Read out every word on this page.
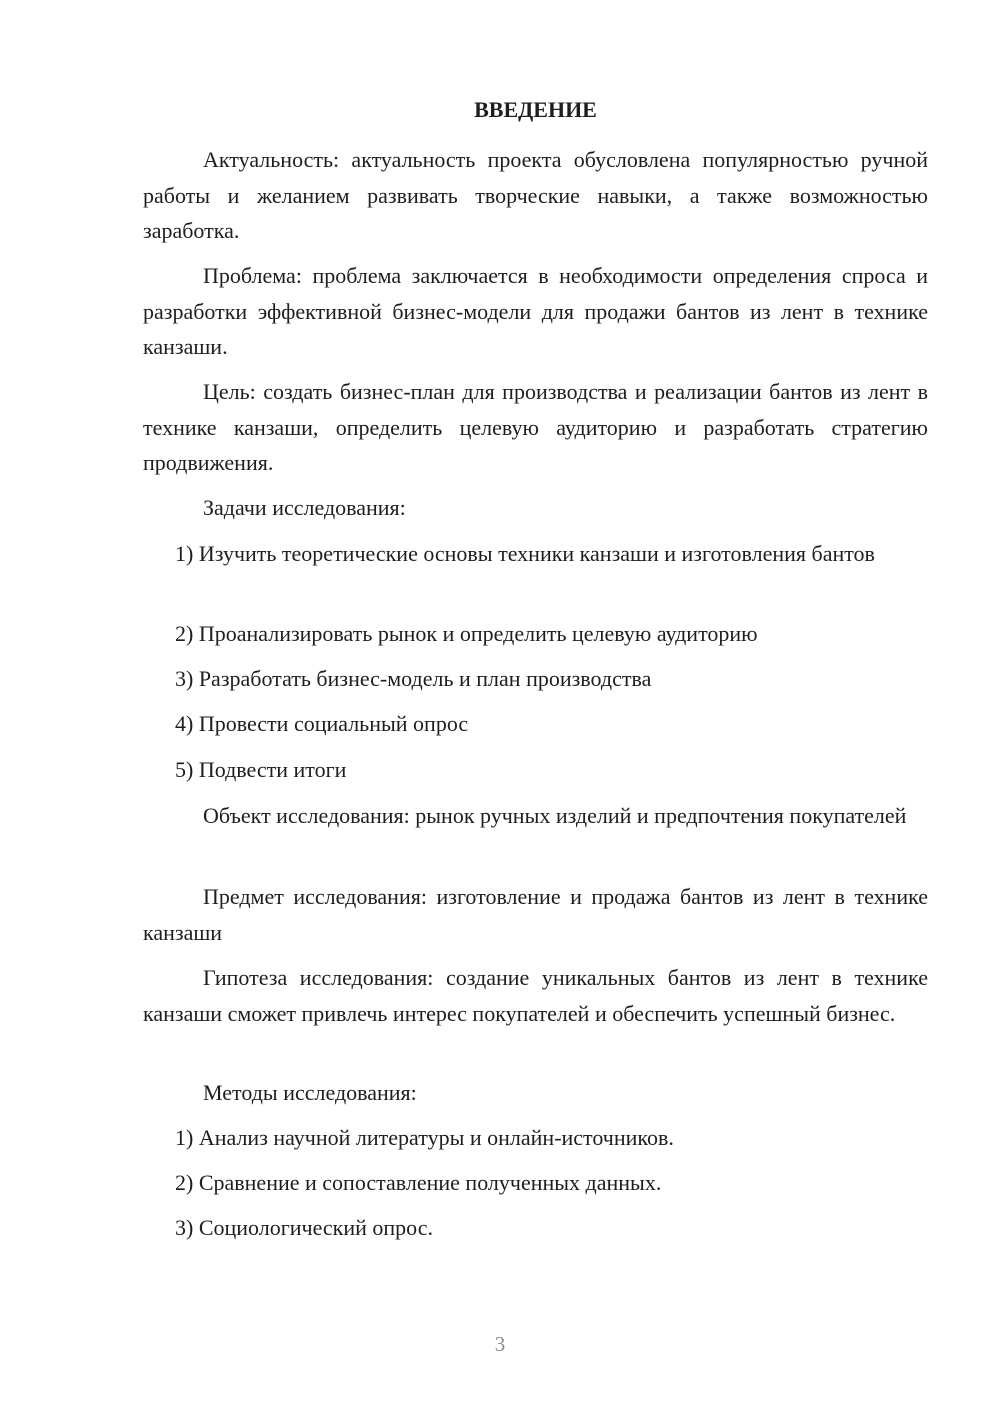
ВВЕДЕНИЕ

Актуальность: актуальность проекта обусловлена популярностью ручной работы и желанием развивать творческие навыки, а также возможностью заработка.

Проблема: проблема заключается в необходимости определения спроса и разработки эффективной бизнес-модели для продажи бантов из лент в технике канзаши.

Цель: создать бизнес-план для производства и реализации бантов из лент в технике канзаши, определить целевую аудиторию и разработать стратегию продвижения.

Задачи исследования:

1) Изучить теоретические основы техники канзаши и изготовления бантов

2) Проанализировать рынок и определить целевую аудиторию

3) Разработать бизнес-модель и план производства

4) Провести социальный опрос

5) Подвести итоги

Объект исследования: рынок ручных изделий и предпочтения покупателей

Предмет исследования: изготовление и продажа бантов из лент в технике канзаши

Гипотеза исследования: создание уникальных бантов из лент в технике канзаши сможет привлечь интерес покупателей и обеспечить успешный бизнес.

Методы исследования:

1) Анализ научной литературы и онлайн-источников.

2) Сравнение и сопоставление полученных данных.

3) Социологический опрос.

3
